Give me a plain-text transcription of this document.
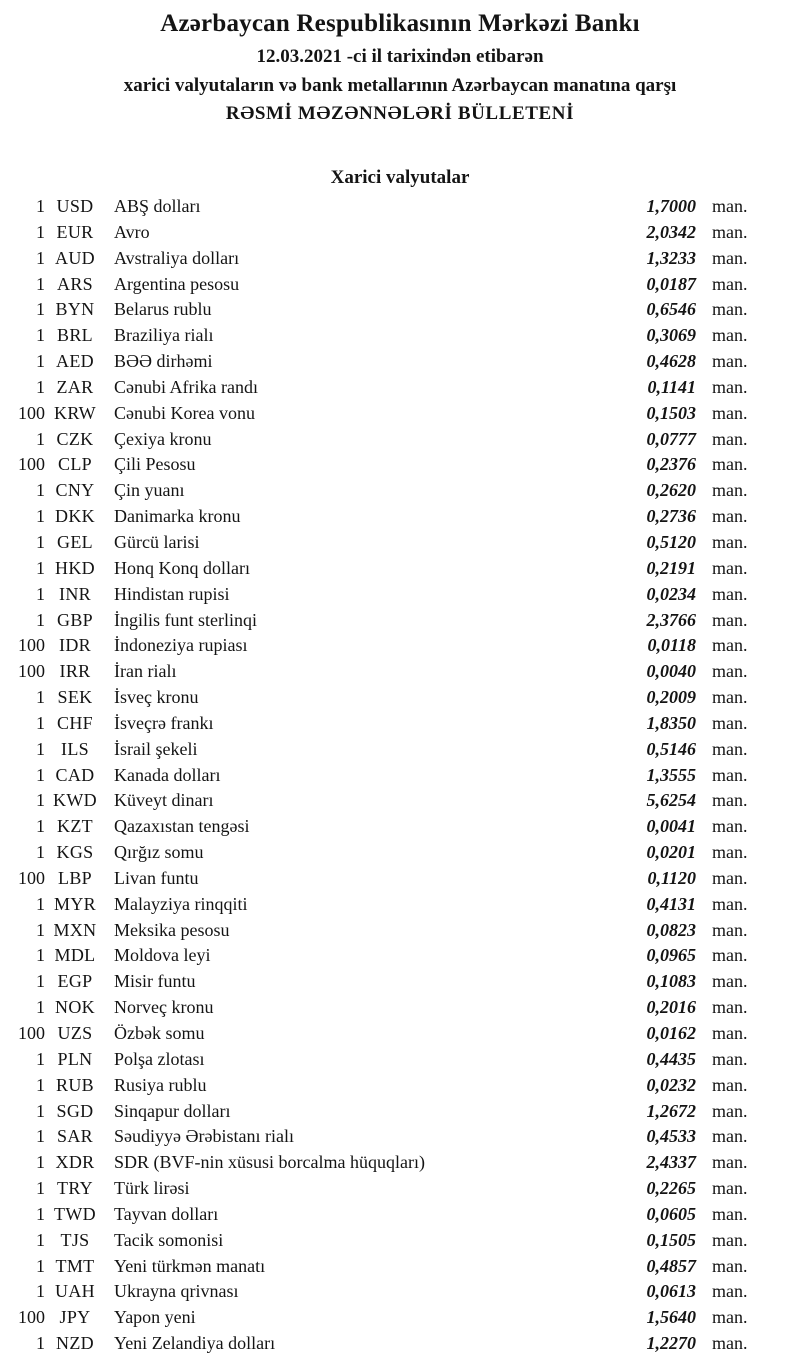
Azərbaycan Respublikasının Mərkəzi Bankı
12.03.2021 -ci il tarixindən etibarən
xarici valyutaların və bank metallarının Azərbaycan manatına qarşı
RƏSMİ MƏZƏNNƏLƏRİ BÜLLETENİ
Xarici valyutalar
1 USD	ABŞ dolları	1,7000 man.
1 EUR	Avro	2,0342 man.
1 AUD	Avstraliya dolları	1,3233 man.
1 ARS	Argentina pesosu	0,0187 man.
1 BYN	Belarus rublu	0,6546 man.
1 BRL	Braziliya rialı	0,3069 man.
1 AED	BƏƏ dirhəmi	0,4628 man.
1 ZAR	Cənubi Afrika randı	0,1141 man.
100 KRW	Cənubi Korea vonu	0,1503 man.
1 CZK	Çexiya kronu	0,0777 man.
100 CLP	Çili Pesosu	0,2376 man.
1 CNY	Çin yuanı	0,2620 man.
1 DKK	Danimarka kronu	0,2736 man.
1 GEL	Gürcü larisi	0,5120 man.
1 HKD	Honq Konq dolları	0,2191 man.
1 INR	Hindistan rupisi	0,0234 man.
1 GBP	İngilis funt sterlinqi	2,3766 man.
100 IDR	İndoneziya rupiası	0,0118 man.
100 IRR	İran rialı	0,0040 man.
1 SEK	İsveç kronu	0,2009 man.
1 CHF	İsveçrə frankı	1,8350 man.
1 ILS	İsrail şekeli	0,5146 man.
1 CAD	Kanada dolları	1,3555 man.
1 KWD Küveyt dinarı	5,6254 man.
1 KZT	Qazaxıstan tengəsi	0,0041 man.
1 KGS	Qırğız somu	0,0201 man.
100 LBP	Livan funtu	0,1120 man.
1 MYR	Malayziya rinqqiti	0,4131 man.
1 MXN Meksika pesosu	0,0823 man.
1 MDL	Moldova leyi	0,0965 man.
1 EGP	Misir funtu	0,1083 man.
1 NOK	Norveç kronu	0,2016 man.
100 UZS	Özbək somu	0,0162 man.
1 PLN	Polşa zlotası	0,4435 man.
1 RUB	Rusiya rublu	0,0232 man.
1 SGD	Sinqapur dolları	1,2672 man.
1 SAR	Səudiyyə Ərəbistanı rialı	0,4533 man.
1 XDR	SDR (BVF-nin xüsusi borcalma hüquqları)	2,4337 man.
1 TRY	Türk lirəsi	0,2265 man.
1 TWD	Tayvan dolları	0,0605 man.
1 TJS	Tacik somonisi	0,1505 man.
1 TMT	Yeni türkmən manatı	0,4857 man.
1 UAH	Ukrayna qrivnası	0,0613 man.
100 JPY	Yapon yeni	1,5640 man.
1 NZD	Yeni Zelandiya dolları	1,2270 man.
